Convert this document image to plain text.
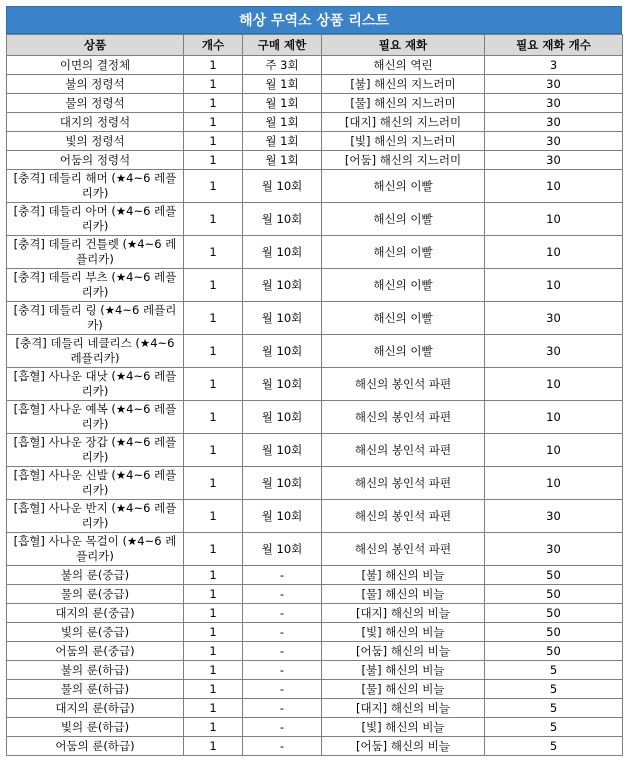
해상 무역소 상품 리스트
상품	개수	구매 제한	필요 재화	필요 재화 개수
이면의 결정체	1	주 3회	해신의 역린	3
불의 정령석	1	월 1회	[불] 해신의 지느러미	30
물의 정령석	1	월 1회	[물] 해신의 지느러미	30
대지의 정령석	1	월 1회	[대지] 해신의 지느러미	30
빛의 정령석	1	월 1회	[빛] 해신의 지느러미	30
어둠의 정령석	1	월 1회	[어둠] 해신의 지느러미	30
[충격] 데들리 해머 (★4~6 레플리카)	1	월 10회	해신의 이빨	10
[충격] 데들리 아머 (★4~6 레플리카)	1	월 10회	해신의 이빨	10
[충격] 데들리 건틀렛 (★4~6 레플리카)	1	월 10회	해신의 이빨	10
[충격] 데들리 부츠 (★4~6 레플리카)	1	월 10회	해신의 이빨	10
[충격] 데들리 링 (★4~6 레플리카)	1	월 10회	해신의 이빨	30
[충격] 데들리 네클리스 (★4~6 레플리카)	1	월 10회	해신의 이빨	30
[흡혈] 사나운 대낫 (★4~6 레플리카)	1	월 10회	해신의 봉인석 파편	10
[흡혈] 사나운 예복 (★4~6 레플리카)	1	월 10회	해신의 봉인석 파편	10
[흡혈] 사나운 장갑 (★4~6 레플리카)	1	월 10회	해신의 봉인석 파편	10
[흡혈] 사나운 신발 (★4~6 레플리카)	1	월 10회	해신의 봉인석 파편	10
[흡혈] 사나운 반지 (★4~6 레플리카)	1	월 10회	해신의 봉인석 파편	30
[흡혈] 사나운 목걸이 (★4~6 레플리카)	1	월 10회	해신의 봉인석 파편	30
불의 룬(중급)	1	-	[불] 해신의 비늘	50
물의 룬(중급)	1	-	[물] 해신의 비늘	50
대지의 룬(중급)	1	-	[대지] 해신의 비늘	50
빛의 룬(중급)	1	-	[빛] 해신의 비늘	50
어둠의 룬(중급)	1	-	[어둠] 해신의 비늘	50
불의 룬(하급)	1	-	[불] 해신의 비늘	5
물의 룬(하급)	1	-	[물] 해신의 비늘	5
대지의 룬(하급)	1	-	[대지] 해신의 비늘	5
빛의 룬(하급)	1	-	[빛] 해신의 비늘	5
어둠의 룬(하급)	1	-	[어둠] 해신의 비늘	5
